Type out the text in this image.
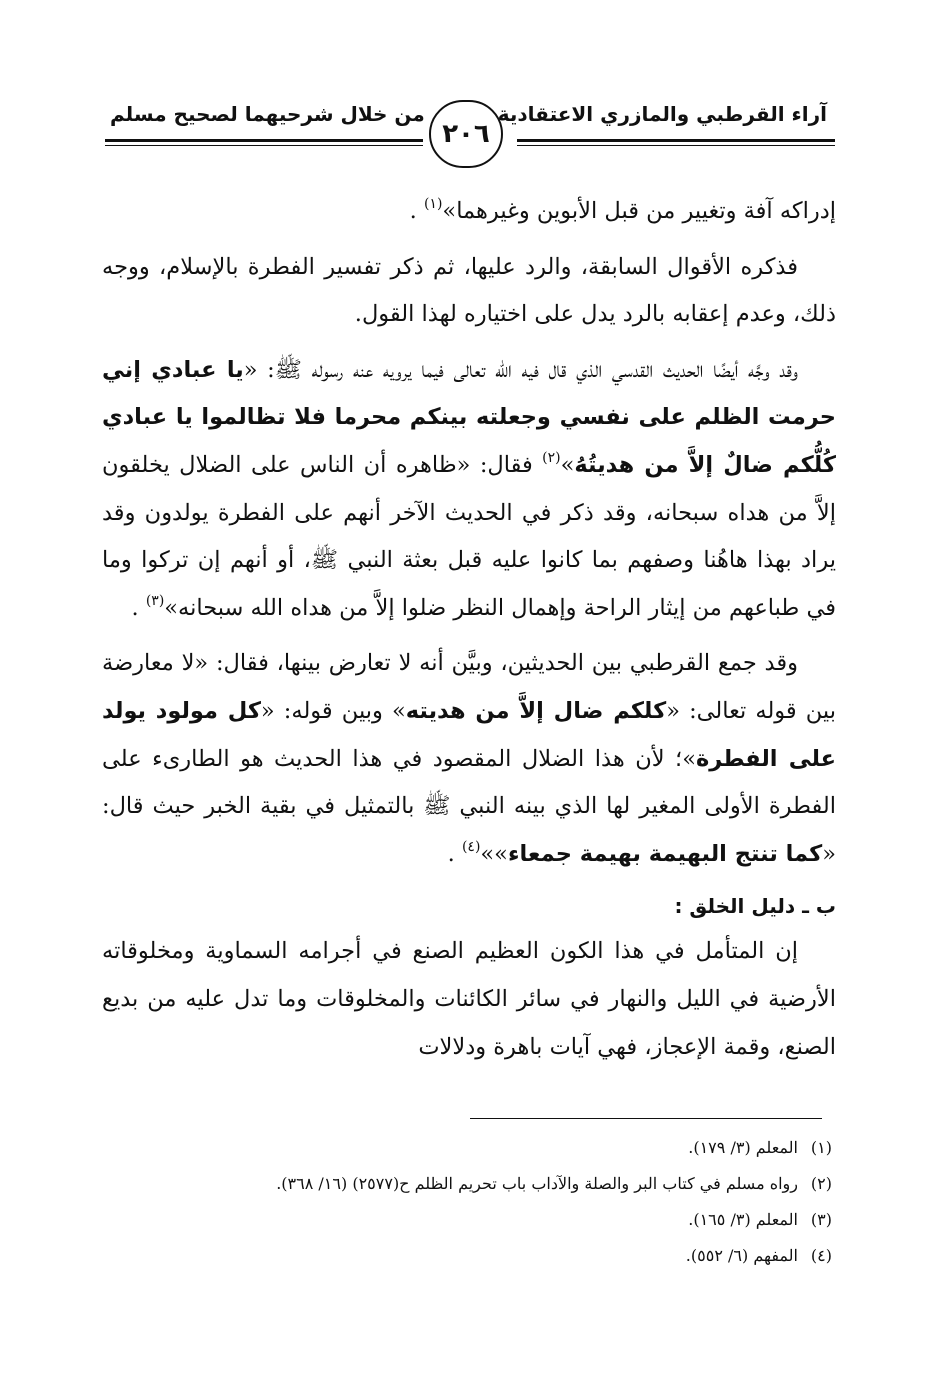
آراء القرطبي والمازري الاعتقادية
من خلال شرحيهما لصحيح مسلم
٢٠٦

إدراكه آفة وتغيير من قبل الأبوين وغيرهما»$^{(١)}$ .

فذكره الأقوال السابقة، والرد عليها، ثم ذكر تفسير الفطرة بالإسلام، ووجه ذلك، وعدم إعقابه بالرد يدل على اختياره لهذا القول.

وقد وجَّه أيضًا الحديث القدسي الذي قال فيه الله تعالى فيما يرويه عنه رسوله ﷺ: «يا عبادي إني حرمت الظلم على نفسي وجعلته بينكم محرما فلا تظالموا يا عبادي كُلُّكم ضالٌ إلاَّ من هديتُهُ»$^{(٢)}$ فقال: «ظاهره أن الناس على الضلال يخلقون إلاَّ من هداه سبحانه، وقد ذكر في الحديث الآخر أنهم على الفطرة يولدون وقد يراد بهذا هاهُنا وصفهم بما كانوا عليه قبل بعثة النبي ﷺ، أو أنهم إن تركوا وما في طباعهم من إيثار الراحة وإهمال النظر ضلوا إلاَّ من هداه الله سبحانه»$^{(٣)}$ .

وقد جمع القرطبي بين الحديثين، وبيَّن أنه لا تعارض بينها، فقال: «لا معارضة بين قوله تعالى: «كلكم ضال إلاَّ من هديته» وبين قوله: «كل مولود يولد على الفطرة»؛ لأن هذا الضلال المقصود في هذا الحديث هو الطارىء على الفطرة الأولى المغير لها الذي بينه النبي ﷺ بالتمثيل في بقية الخبر حيث قال: «كما تنتج البهيمة بهيمة جمعاء»»$^{(٤)}$ .

ب ـ دليل الخلق :

إن المتأمل في هذا الكون العظيم الصنع في أجرامه السماوية ومخلوقاته الأرضية في الليل والنهار في سائر الكائنات والمخلوقات وما تدل عليه من بديع الصنع، وقمة الإعجاز، فهي آيات باهرة ودلالات

(١)المعلم (٣/ ١٧٩).
(٢)رواه مسلم في كتاب البر والصلة والآداب باب تحريم الظلم ح(٢٥٧٧) (١٦/ ٣٦٨).
(٣)المعلم (٣/ ١٦٥).
(٤)المفهم (٦/ ٥٥٢).
